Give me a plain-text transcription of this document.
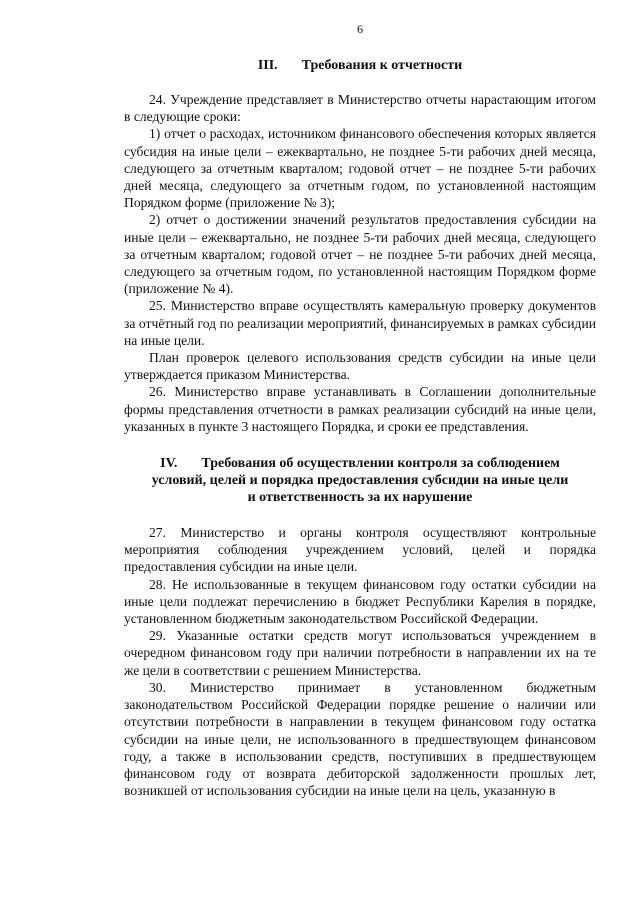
6
III. Требования к отчетности

24. Учреждение представляет в Министерство отчеты нарастающим итогом в следующие сроки:

1) отчет о расходах, источником финансового обеспечения которых является субсидия на иные цели – ежеквартально, не позднее 5-ти рабочих дней месяца, следующего за отчетным кварталом; годовой отчет – не позднее 5-ти рабочих дней месяца, следующего за отчетным годом, по установленной настоящим Порядком форме (приложение № 3);

2) отчет о достижении значений результатов предоставления субсидии на иные цели – ежеквартально, не позднее 5-ти рабочих дней месяца, следующего за отчетным кварталом; годовой отчет – не позднее 5-ти рабочих дней месяца, следующего за отчетным годом, по установленной настоящим Порядком форме (приложение № 4).

25. Министерство вправе осуществлять камеральную проверку документов за отчётный год по реализации мероприятий, финансируемых в рамках субсидии на иные цели.

План проверок целевого использования средств субсидии на иные цели утверждается приказом Министерства.

26. Министерство вправе устанавливать в Соглашении дополнительные формы представления отчетности в рамках реализации субсидий на иные цели, указанных в пункте 3 настоящего Порядка, и сроки ее представления.

IV. Требования об осуществлении контроля за соблюдением
условий, целей и порядка предоставления субсидии на иные цели
и ответственность за их нарушение

27. Министерство и органы контроля осуществляют контрольные мероприятия соблюдения учреждением условий, целей и порядка предоставления субсидии на иные цели.

28. Не использованные в текущем финансовом году остатки субсидии на иные цели подлежат перечислению в бюджет Республики Карелия в порядке, установленном бюджетным законодательством Российской Федерации.

29. Указанные остатки средств могут использоваться учреждением в очередном финансовом году при наличии потребности в направлении их на те же цели в соответствии с решением Министерства.

30. Министерство принимает в установленном бюджетным законодательством Российской Федерации порядке решение о наличии или отсутствии потребности в направлении в текущем финансовом году остатка субсидии на иные цели, не использованного в предшествующем финансовом году, а также в использовании средств, поступивших в предшествующем финансовом году от возврата дебиторской задолженности прошлых лет, возникшей от использования субсидии на иные цели на цель, указанную в
